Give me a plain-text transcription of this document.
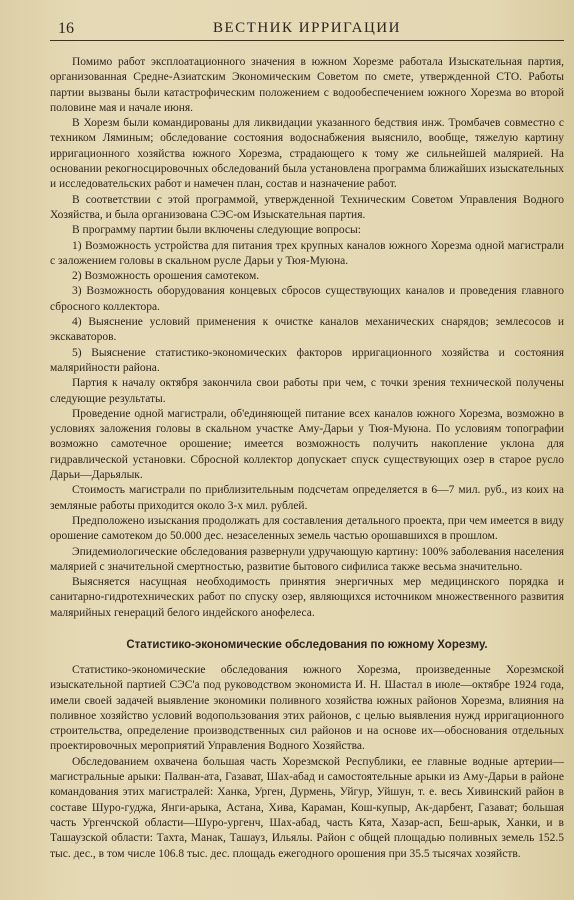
16	ВЕСТНИК ИРРИГАЦИИ

Помимо работ эксплоатационного значения в южном Хорезме работала Изыскательная партия, организованная Средне-Азиатским Экономическим Советом по смете, утвержденной СТО. Работы партии вызваны были катастрофическим положением с водообеспечением южного Хорезма во второй половине мая и начале июня.

В Хорезм были командированы для ликвидации указанного бедствия инж. Тромбачев совместно с техником Ляминым; обследование состояния водоснабжения выяснило, вообще, тяжелую картину ирригационного хозяйства южного Хорезма, страдающего к тому же сильнейшей малярией. На основании рекогносцировочных обследований была установлена программа ближайших изыскательных и исследовательских работ и намечен план, состав и назначение работ.

В соответствии с этой программой, утвержденной Техническим Советом Управления Водного Хозяйства, и была организована СЭС-ом Изыскательная партия.

В программу партии были включены следующие вопросы:

1) Возможность устройства для питания трех крупных каналов южного Хорезма одной магистрали с заложением головы в скальном русле Дарьи у Тюя-Муюна.

2) Возможность орошения самотеком.

3) Возможность оборудования концевых сбросов существующих каналов и проведения главного сбросного коллектора.

4) Выяснение условий применения к очистке каналов механических снарядов; землесосов и экскаваторов.

5) Выяснение статистико-экономических факторов ирригационного хозяйства и состояния малярийности района.

Партия к началу октября закончила свои работы при чем, с точки зрения технической получены следующие результаты.

Проведение одной магистрали, об'единяющей питание всех каналов южного Хорезма, возможно в условиях заложения головы в скальном участке Аму-Дарьи у Тюя-Муюна. По условиям топографии возможно самотечное орошение; имеется возможность получить накопление уклона для гидравлической установки. Сбросной коллектор допускает спуск существующих озер в старое русло Дарьи—Дарьялык.

Стоимость магистрали по приблизительным подсчетам определяется в 6—7 мил. руб., из коих на земляные работы приходится около 3-х мил. рублей.

Предположено изыскания продолжать для составления детального проекта, при чем имеется в виду орошение самотеком до 50.000 дес. незаселенных земель частью орошавшихся в прошлом.

Эпидемиологические обследования развернули удручающую картину: 100% заболевания населения малярией с значительной смертностью, развитие бытового сифилиса также весьма значительно.

Выясняется насущная необходимость принятия энергичных мер медицинского порядка и санитарно-гидротехнических работ по спуску озер, являющихся источником множественного развития малярийных генераций белого индейского анофелеса.

Статистико-экономические обследования по южному Хорезму.

Статистико-экономические обследования южного Хорезма, произведенные Хорезмской изыскательной партией СЭС'а под руководством экономиста И. Н. Шастал в июле—октябре 1924 года, имели своей задачей выявление экономики поливного хозяйства южных районов Хорезма, влияния на поливное хозяйство условий водопользования этих районов, с целью выявления нужд ирригационного строительства, определение производственных сил районов и на основе их—обоснования отдельных проектировочных мероприятий Управления Водного Хозяйства.

Обследованием охвачена большая часть Хорезмской Республики, ее главные водные артерии—магистральные арыки: Палван-ата, Газават, Шах-абад и самостоятельные арыки из Аму-Дарьи в районе командования этих магистралей: Ханка, Урген, Дурмень, Уйгур, Уйшун, т. е. весь Хивинский район в составе Шуро-гуджа, Янги-арыка, Астана, Хива, Караман, Кош-купыр, Ак-дарбент, Газават; большая часть Ургенчской области—Шуро-ургенч, Шах-абад, часть Кята, Хазар-асп, Беш-арык, Ханки, и в Ташаузской области: Тахта, Манак, Ташауз, Ильялы. Район с общей площадью поливных земель 152.5 тыс. дес., в том числе 106.8 тыс. дес. площадь ежегодного орошения при 35.5 тысячах хозяйств.
